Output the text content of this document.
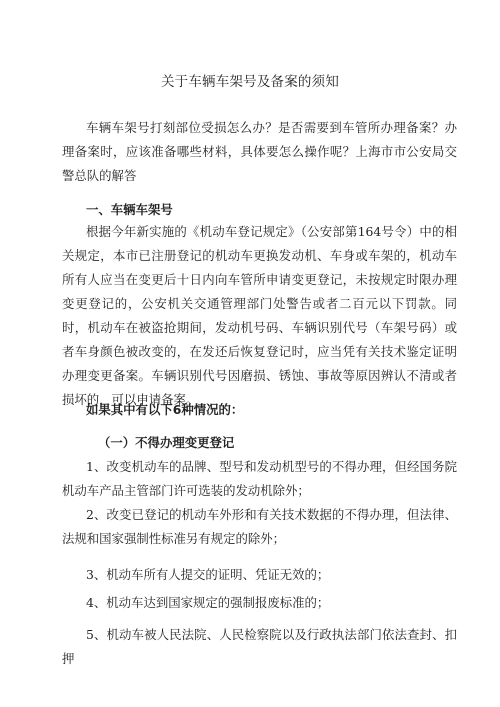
关于车辆车架号及备案的须知

车辆车架号打刻部位受损怎么办？是否需要到车管所办理备案？办理备案时，应该准备哪些材料，具体要怎么操作呢？上海市市公安局交警总队的解答

一、车辆车架号

根据今年新实施的《机动车登记规定》（公安部第164号令）中的相关规定，本市已注册登记的机动车更换发动机、车身或车架的，机动车所有人应当在变更后十日内向车管所申请变更登记，未按规定时限办理变更登记的，公安机关交通管理部门处警告或者二百元以下罚款。同时，机动车在被盗抢期间，发动机号码、车辆识别代号（车架号码）或者车身颜色被改变的，在发还后恢复登记时，应当凭有关技术鉴定证明办理变更备案。车辆识别代号因磨损、锈蚀、事故等原因辨认不清或者损坏的，可以申请备案。

如果其中有以下6种情况的：
（一）不得办理变更登记

1、改变机动车的品牌、型号和发动机型号的不得办理，但经国务院机动车产品主管部门许可选装的发动机除外；

2、改变已登记的机动车外形和有关技术数据的不得办理，但法律、法规和国家强制性标准另有规定的除外；

3、机动车所有人提交的证明、凭证无效的；

4、机动车达到国家规定的强制报废标准的；

5、机动车被人民法院、人民检察院以及行政执法部门依法查封、扣押
